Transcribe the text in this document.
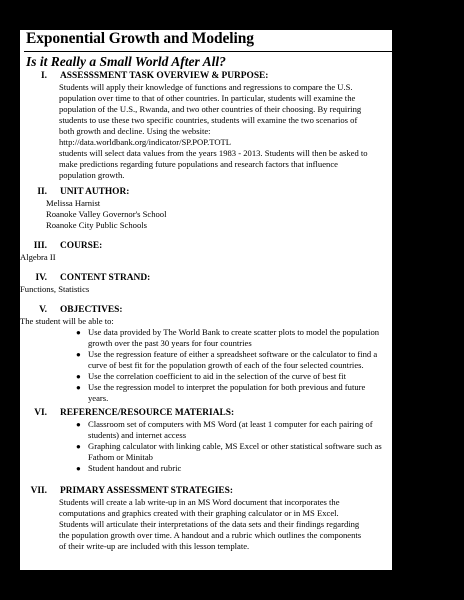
Exponential Growth and Modeling
Is it Really a Small World After All?
I. ASSESSSMENT TASK OVERVIEW & PURPOSE:
Students will apply their knowledge of functions and regressions to compare the U.S.
population over time to that of other countries. In particular, students will examine the
population of the U.S., Rwanda, and two other countries of their choosing. By requiring
students to use these two specific countries, students will examine the two scenarios of
both growth and decline. Using the website:
http://data.worldbank.org/indicator/SP.POP.TOTL
students will select data values from the years 1983 - 2013. Students will then be asked to
make predictions regarding future populations and research factors that influence
population growth.
II. UNIT AUTHOR:
Melissa Harnist
Roanoke Valley Governor's School
Roanoke City Public Schools
III. COURSE:
Algebra II
IV. CONTENT STRAND:
Functions, Statistics
V. OBJECTIVES:
The student will be able to:
● Use data provided by The World Bank to create scatter plots to model the population growth over the past 30 years for four countries
● Use the regression feature of either a spreadsheet software or the calculator to find a curve of best fit for the population growth of each of the four selected countries.
● Use the correlation coefficient to aid in the selection of the curve of best fit
● Use the regression model to interpret the population for both previous and future years.
VI. REFERENCE/RESOURCE MATERIALS:
● Classroom set of computers with MS Word (at least 1 computer for each pairing of students) and internet access
● Graphing calculator with linking cable, MS Excel or other statistical software such as Fathom or Minitab
● Student handout and rubric
VII. PRIMARY ASSESSMENT STRATEGIES:
Students will create a lab write-up in an MS Word document that incorporates the
computations and graphics created with their graphing calculator or in MS Excel.
Students will articulate their interpretations of the data sets and their findings regarding
the population growth over time. A handout and a rubric which outlines the components
of their write-up are included with this lesson template.
